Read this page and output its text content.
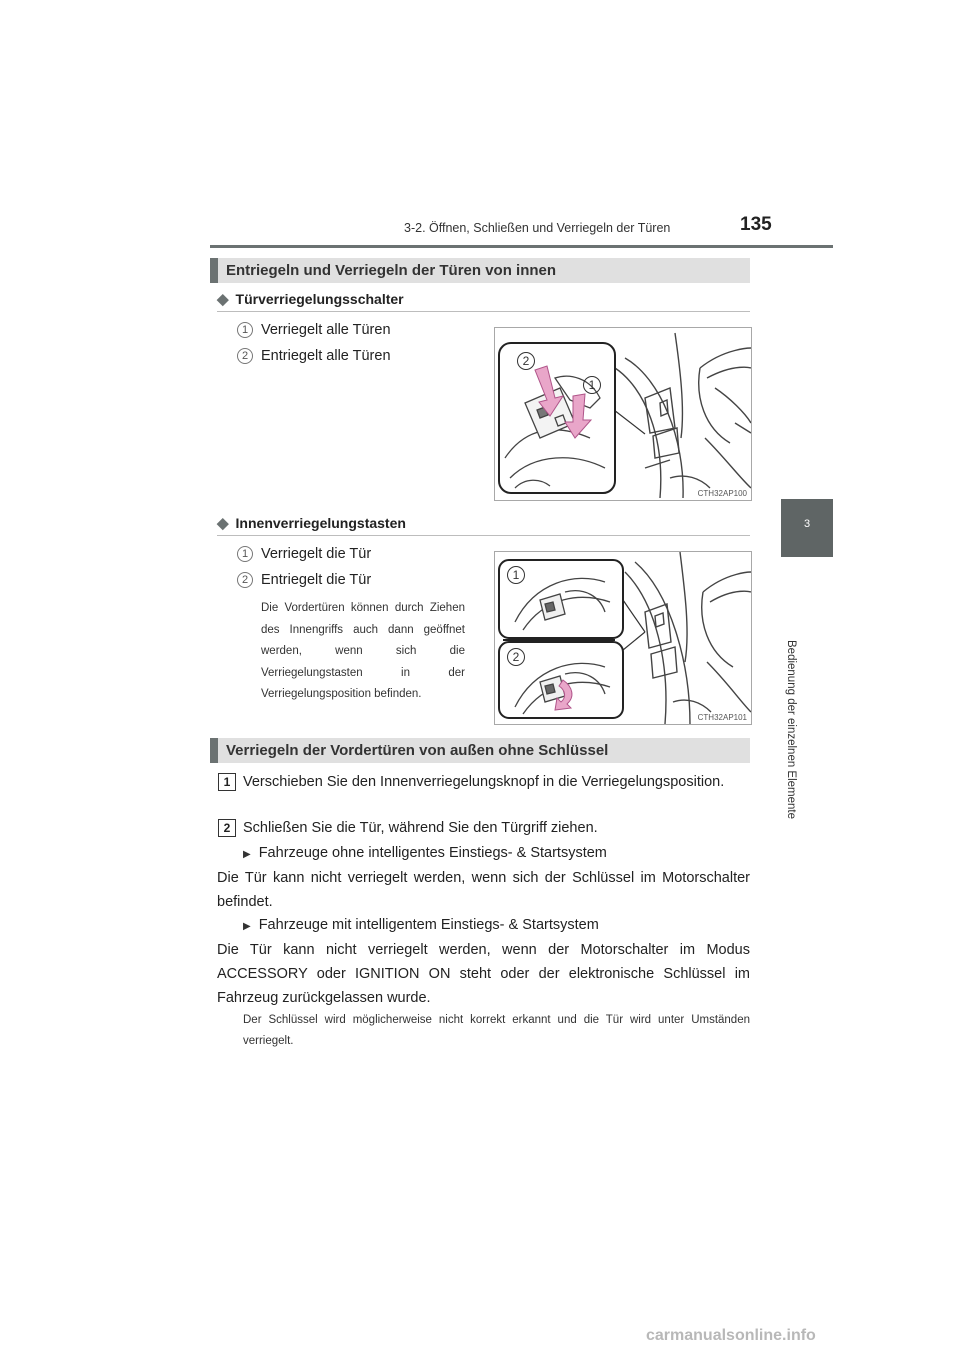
3-2. Öffnen, Schließen und Verriegeln der Türen	135
3
Bedienung der einzelnen Elemente
Entriegeln und Verriegeln der Türen von innen
◆ Türverriegelungsschalter
1 Verriegelt alle Türen
2 Entriegelt alle Türen	2
1
CTH32AP100
◆ Innenverriegelungstasten
1 Verriegelt die Tür
2 Entriegelt die Tür
Die Vordertüren können durch Ziehen des Innengriffs auch dann geöffnet werden, wenn sich die Verriegelungstasten in der Verriegelungsposition befinden.
1
2
CTH32AP101
Verriegeln der Vordertüren von außen ohne Schlüssel
1 Verschieben Sie den Innenverriegelungsknopf in die Verriegelungsposition.
2 Schließen Sie die Tür, während Sie den Türgriff ziehen.
▶ Fahrzeuge ohne intelligentes Einstiegs- & Startsystem
Die Tür kann nicht verriegelt werden, wenn sich der Schlüssel im Motorschalter befindet.
▶ Fahrzeuge mit intelligentem Einstiegs- & Startsystem
Die Tür kann nicht verriegelt werden, wenn der Motorschalter im Modus ACCESSORY oder IGNITION ON steht oder der elektronische Schlüssel im Fahrzeug zurückgelassen wurde.
Der Schlüssel wird möglicherweise nicht korrekt erkannt und die Tür wird unter Umständen verriegelt.
carmanualsonline.info
